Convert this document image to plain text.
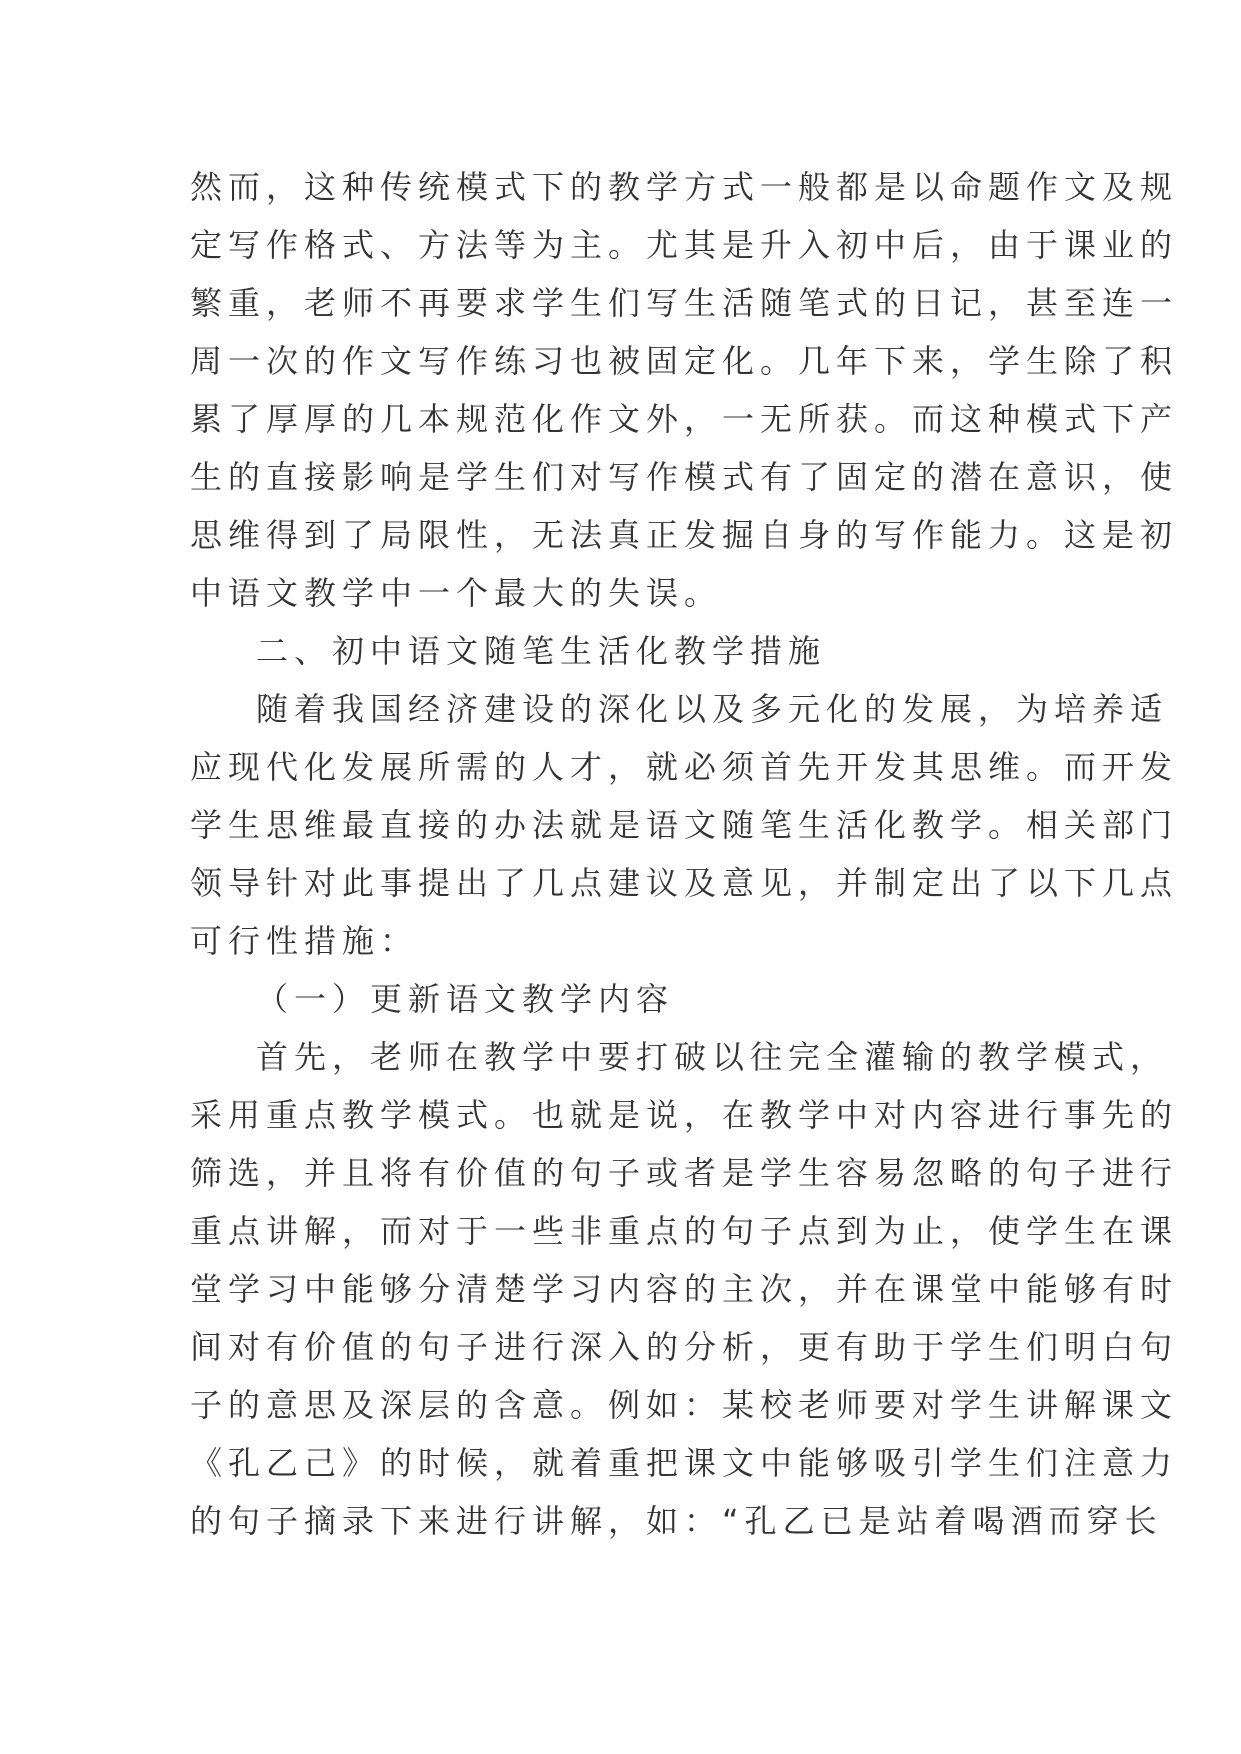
然而，这种传统模式下的教学方式一般都是以命题作文及规
定写作格式、方法等为主。尤其是升入初中后，由于课业的
繁重，老师不再要求学生们写生活随笔式的日记，甚至连一
周一次的作文写作练习也被固定化。几年下来，学生除了积
累了厚厚的几本规范化作文外，一无所获。而这种模式下产
生的直接影响是学生们对写作模式有了固定的潜在意识，使
思维得到了局限性，无法真正发掘自身的写作能力。这是初
中语文教学中一个最大的失误。
二、初中语文随笔生活化教学措施
随着我国经济建设的深化以及多元化的发展，为培养适
应现代化发展所需的人才，就必须首先开发其思维。而开发
学生思维最直接的办法就是语文随笔生活化教学。相关部门
领导针对此事提出了几点建议及意见，并制定出了以下几点
可行性措施：
（一）更新语文教学内容
首先，老师在教学中要打破以往完全灌输的教学模式，
采用重点教学模式。也就是说，在教学中对内容进行事先的
筛选，并且将有价值的句子或者是学生容易忽略的句子进行
重点讲解，而对于一些非重点的句子点到为止，使学生在课
堂学习中能够分清楚学习内容的主次，并在课堂中能够有时
间对有价值的句子进行深入的分析，更有助于学生们明白句
子的意思及深层的含意。例如：某校老师要对学生讲解课文
《孔乙己》的时候，就着重把课文中能够吸引学生们注意力
的句子摘录下来进行讲解，如：“孔乙已是站着喝酒而穿长
